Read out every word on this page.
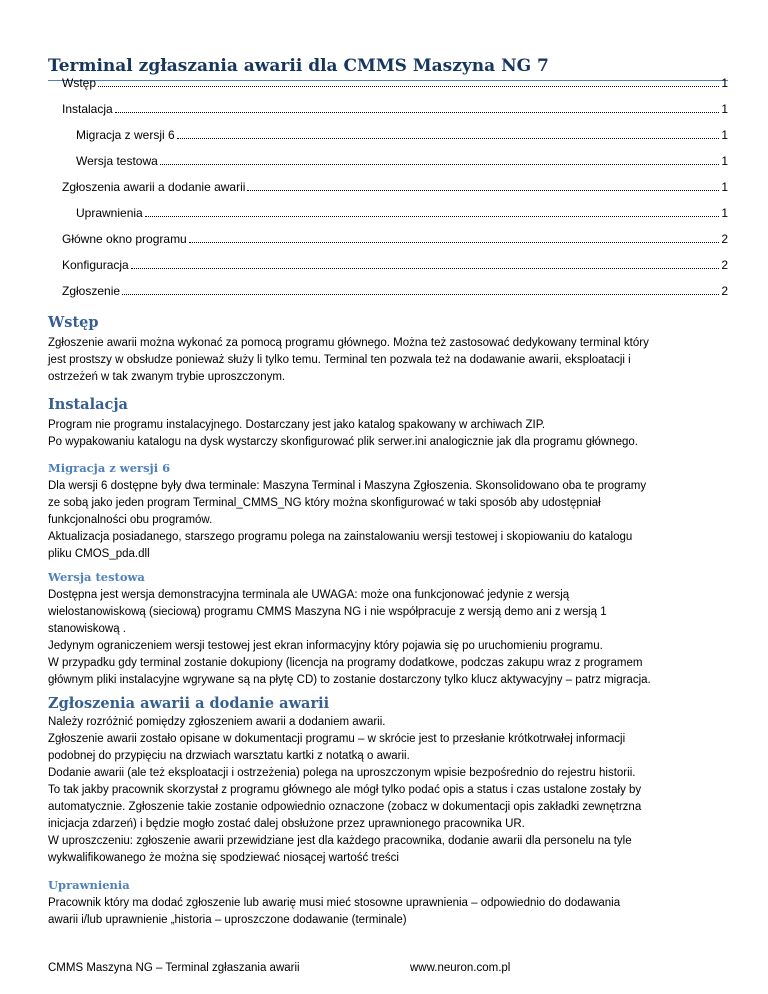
Terminal zgłaszania awarii dla CMMS Maszyna NG 7
Wstęp	1
Instalacja	1
Migracja z wersji 6	1
Wersja testowa	1
Zgłoszenia awarii a dodanie awarii	1
Uprawnienia	1
Główne okno programu	2
Konfiguracja	2
Zgłoszenie	2
Wstęp
Zgłoszenie awarii można wykonać za pomocą programu głównego. Można też zastosować dedykowany terminal który
jest prostszy w obsłudze ponieważ służy li tylko temu. Terminal ten pozwala też na dodawanie awarii, eksploatacji i
ostrzeżeń w tak zwanym trybie uproszczonym.
Instalacja
Program nie programu instalacyjnego. Dostarczany jest jako katalog spakowany w archiwach ZIP.
Po wypakowaniu katalogu na dysk wystarczy skonfigurować plik serwer.ini analogicznie jak dla programu głównego.
Migracja z wersji 6
Dla wersji 6 dostępne były dwa terminale: Maszyna Terminal i Maszyna Zgłoszenia. Skonsolidowano oba te programy
ze sobą jako jeden program Terminal_CMMS_NG który można skonfigurować w taki sposób aby udostępniał
funkcjonalności obu programów.
Aktualizacja posiadanego, starszego programu polega na zainstalowaniu wersji testowej i skopiowaniu do katalogu
pliku CMOS_pda.dll
Wersja testowa
Dostępna jest wersja demonstracyjna terminala ale UWAGA: może ona funkcjonować jedynie z wersją
wielostanowiskową (sieciową) programu CMMS Maszyna NG i nie współpracuje z wersją demo ani z wersją 1
stanowiskową .
Jedynym ograniczeniem wersji testowej jest ekran informacyjny który pojawia się po uruchomieniu programu.
W przypadku gdy terminal zostanie dokupiony (licencja na programy dodatkowe, podczas zakupu wraz z programem
głównym pliki instalacyjne wgrywane są na płytę CD) to zostanie dostarczony tylko klucz aktywacyjny – patrz migracja.
Zgłoszenia awarii a dodanie awarii
Należy rozróżnić pomiędzy zgłoszeniem awarii a dodaniem awarii.
Zgłoszenie awarii zostało opisane w dokumentacji programu – w skrócie jest to przesłanie krótkotrwałej informacji
podobnej do przypięciu na drzwiach warsztatu kartki z notatką o awarii.
Dodanie awarii (ale też eksploatacji i ostrzeżenia) polega na uproszczonym wpisie bezpośrednio do rejestru historii.
To tak jakby pracownik skorzystał z programu głównego ale mógł tylko podać opis a status i czas ustalone zostały by
automatycznie. Zgłoszenie takie zostanie odpowiednio oznaczone (zobacz w dokumentacji opis zakładki zewnętrzna
inicjacja zdarzeń) i będzie mogło zostać dalej obsłużone przez uprawnionego pracownika UR.
W uproszczeniu: zgłoszenie awarii przewidziane jest dla każdego pracownika, dodanie awarii dla personelu na tyle
wykwalifikowanego że można się spodziewać niosącej wartość treści
Uprawnienia
Pracownik który ma dodać zgłoszenie lub awarię musi mieć stosowne uprawnienia – odpowiednio do dodawania
awarii i/lub uprawnienie „historia – uproszczone dodawanie (terminale)
CMMS Maszyna NG – Terminal zgłaszania awarii	www.neuron.com.pl
